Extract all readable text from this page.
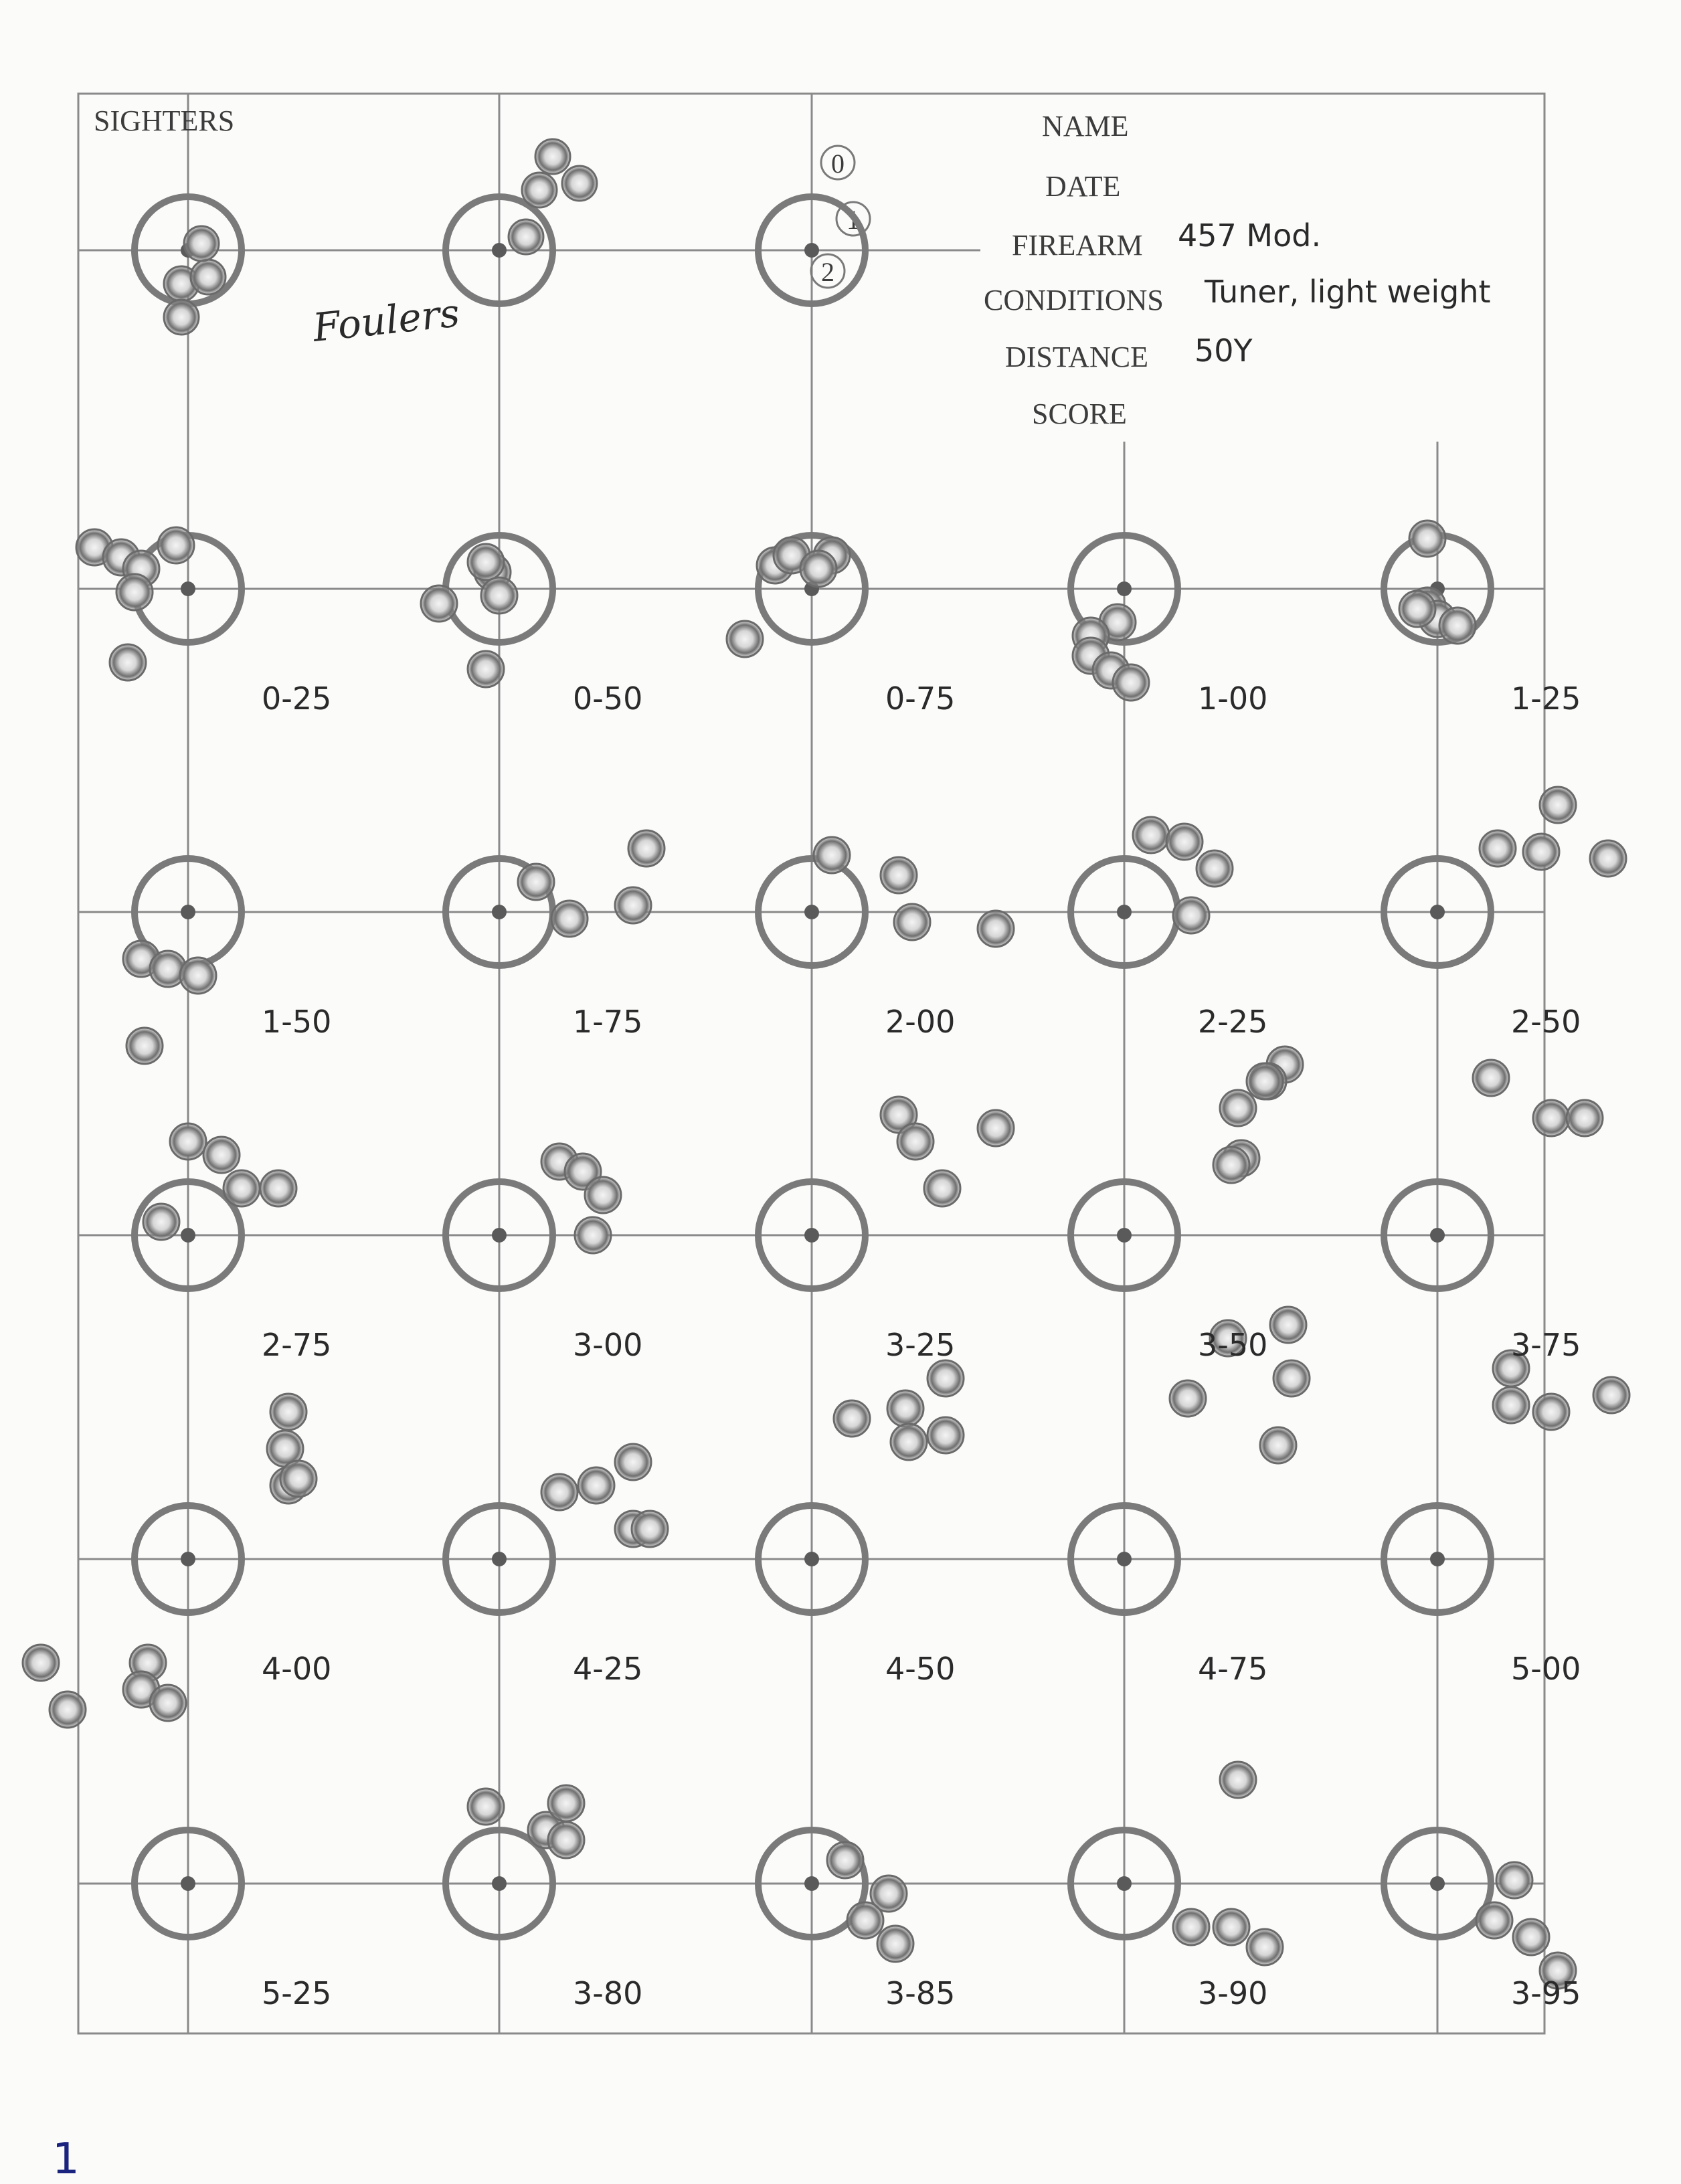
SIGHTERS	NAME
DATE
FIREARM 457 Mod.
CONDITIONS Tuner, light weight
DISTANCE 50Y
SCORE
Foulers
0
1
2
1
0-25	0-50	0-75	1-00	1-25
1-50	1-75	2-00	2-25	2-50
2-75	3-00	3-25	3-50	3-75
4-00	4-25	4-50	4-75	5-00
5-25	3-80	3-85	3-90	3-95
